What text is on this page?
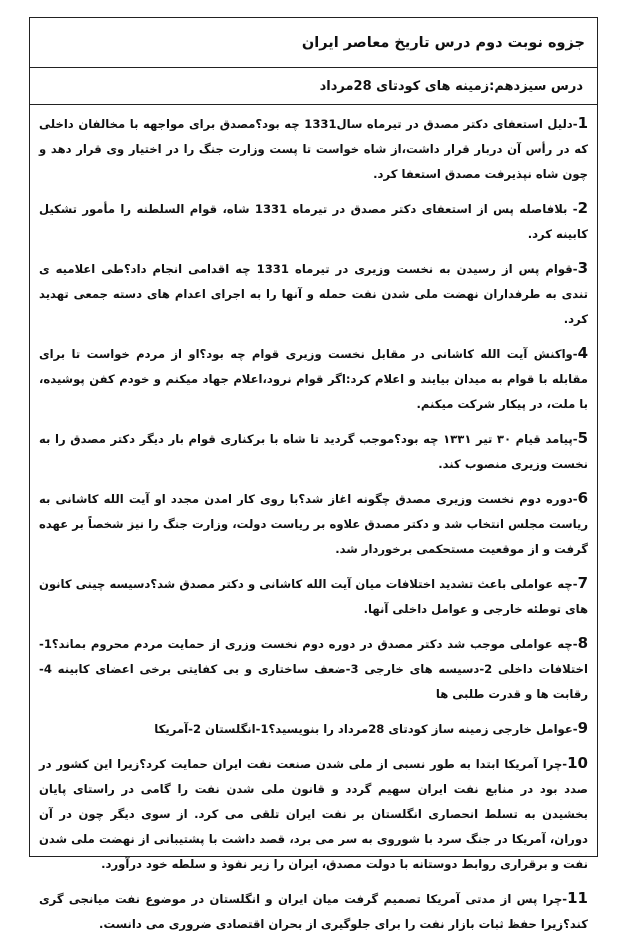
جزوه نوبت دوم درس تاریخ معاصر ایران
درس سیزدهم:زمینه های کودتای 28مرداد

1-دلیل استعفای دکتر مصدق در تیرماه سال1331 چه بود؟مصدق برای مواجهه با مخالفان داخلی که در رأس آن دربار قرار داشت،از شاه خواست تا پست وزارت جنگ را در اختیار وی قرار دهد و چون شاه نپذیرفت مصدق استعفا کرد.

2- بلافاصله پس از استعفای دکتر مصدق در تیرماه 1331 شاه، قوام السلطنه را مأمور تشکیل کابینه کرد.

3-قوام پس از رسیدن به نخست وزیری در تیرماه 1331 چه اقدامی انجام داد؟طی اعلامیه ی تندی به طرفداران نهضت ملی شدن نفت حمله و آنها را به اجرای اعدام های دسته جمعی تهدید کرد.

4-واکنش آیت الله کاشانی در مقابل نخست وزیری قوام چه بود؟او از مردم خواست تا برای مقابله با قوام به میدان بیایند و اعلام کرد:اگر قوام نرود،اعلام جهاد میکنم و خودم کفن پوشیده، با ملت، در پیکار شرکت میکنم.

5-پیامد قیام ۳۰ تیر ۱۳۳۱ چه بود؟موجب گردید تا شاه با برکناری قوام بار دیگر دکتر مصدق را به نخست وزیری منصوب کند.

6-دوره دوم نخست وزیری مصدق چگونه اغاز شد؟با روی کار امدن مجدد او آیت الله کاشانی به ریاست مجلس انتخاب شد و دکتر مصدق علاوه بر ریاست دولت، وزارت جنگ را نیز شخصاً بر عهده گرفت و از موقعیت مستحکمی برخوردار شد.

7-چه عواملی باعث تشدید اختلافات میان آیت الله کاشانی و دکتر مصدق شد؟دسیسه چینی کانون های توطئه خارجی و عوامل داخلی آنها.

8-چه عواملی موجب شد دکتر مصدق در دوره دوم نخست وزری از حمایت مردم محروم بماند؟1-اختلافات داخلی 2-دسیسه های خارجی 3-ضعف ساختاری و بی کفایتی برخی اعضای کابینه 4-رقابت ها و قدرت طلبی ها

9-عوامل خارجی زمینه ساز کودتای 28مرداد را بنویسید؟1-انگلستان 2-آمریکا

10-چرا آمریکا ابتدا به طور نسبی از ملی شدن صنعت نفت ایران حمایت کرد؟زیرا این کشور در صدد بود در منابع نفت ایران سهیم گردد و قانون ملی شدن نفت را گامی در راستای پایان بخشیدن به تسلط انحصاری انگلستان بر نفت ایران تلقی می کرد. از سوی دیگر چون در آن دوران، آمریکا در جنگ سرد با شوروی به سر می برد، قصد داشت با پشتیبانی از نهضت ملی شدن نفت و برقراری روابط دوستانه با دولت مصدق، ایران را زیر نفوذ و سلطه خود درآورد.

11-چرا پس از مدتی آمریکا تصمیم گرفت میان ایران و انگلستان در موضوع نفت میانجی گری کند؟زیرا حفظ ثبات بازار نفت را برای جلوگیری از بحران اقتصادی ضروری می دانست.
